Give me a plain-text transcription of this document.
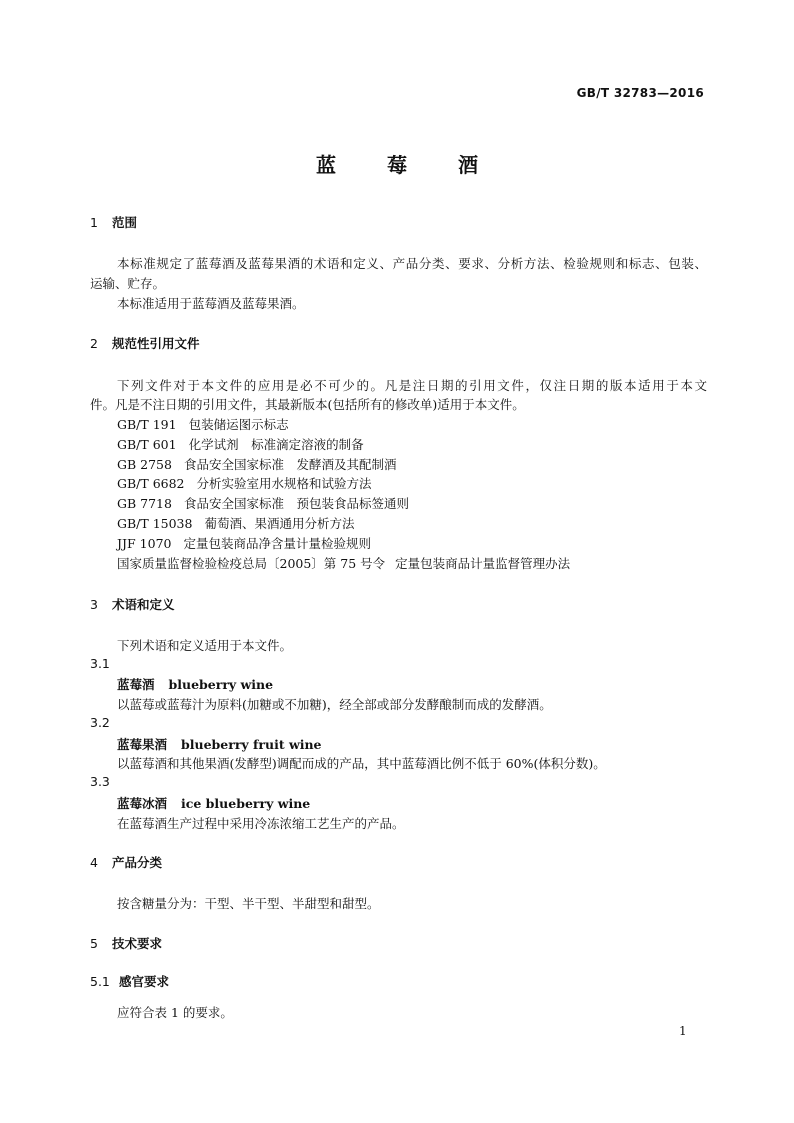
GB/T 32783—2016
蓝	莓	酒
1 范围
本标准规定了蓝莓酒及蓝莓果酒的术语和定义、产品分类、要求、分析方法、检验规则和标志、包装、
运输、贮存。
本标准适用于蓝莓酒及蓝莓果酒。
2 规范性引用文件
下列文件对于本文件的应用是必不可少的。凡是注日期的引用文件，仅注日期的版本适用于本文
件。凡是不注日期的引用文件，其最新版本(包括所有的修改单)适用于本文件。
GB/T 191 包装储运图示标志
GB/T 601 化学试剂　标准滴定溶液的制备
GB 2758 食品安全国家标准　发酵酒及其配制酒
GB/T 6682 分析实验室用水规格和试验方法
GB 7718 食品安全国家标准　预包装食品标签通则
GB/T 15038 葡萄酒、果酒通用分析方法
JJF 1070 定量包装商品净含量计量检验规则
国家质量监督检验检疫总局〔2005〕第 75 号令 定量包装商品计量监督管理办法
3 术语和定义
下列术语和定义适用于本文件。
3.1
蓝莓酒 blueberry wine
以蓝莓或蓝莓汁为原料(加糖或不加糖)，经全部或部分发酵酿制而成的发酵酒。
3.2
蓝莓果酒 blueberry fruit wine
以蓝莓酒和其他果酒(发酵型)调配而成的产品，其中蓝莓酒比例不低于 60%(体积分数)。
3.3
蓝莓冰酒 ice blueberry wine
在蓝莓酒生产过程中采用冷冻浓缩工艺生产的产品。
4 产品分类
按含糖量分为：干型、半干型、半甜型和甜型。
5 技术要求
5.1 感官要求
应符合表 1 的要求。
1
